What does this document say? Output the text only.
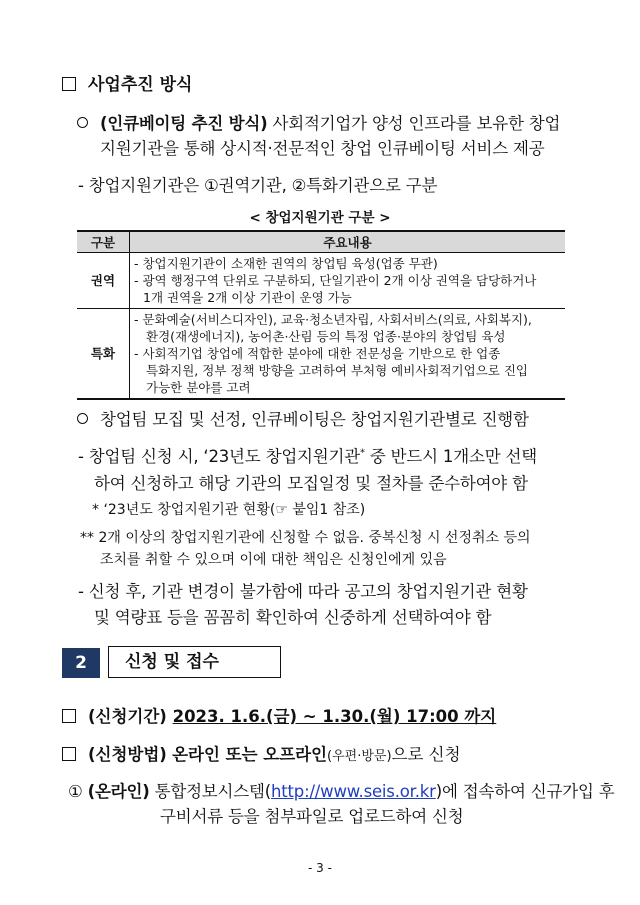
사업추진 방식
(인큐베이팅 추진 방식) 사회적기업가 양성 인프라를 보유한 창업
지원기관을 통해 상시적·전문적인 창업 인큐베이팅 서비스 제공
- 창업지원기관은 ①권역기관, ②특화기관으로 구분
< 창업지원기관 구분 >
구분	주요내용
권역	- 창업지원기관이 소재한 권역의 창업팀 육성(업종 무관)
- 광역 행정구역 단위로 구분하되, 단일기관이 2개 이상 권역을 담당하거나
1개 권역을 2개 이상 기관이 운영 가능

특화	- 문화예술(서비스디자인), 교육·청소년자립, 사회서비스(의료, 사회복지),
환경(재생에너지), 농어촌·산림 등의 특정 업종·분야의 창업팀 육성
- 사회적기업 창업에 적합한 분야에 대한 전문성을 기반으로 한 업종
특화지원, 정부 정책 방향을 고려하여 부처형 예비사회적기업으로 진입
가능한 분야를 고려
창업팀 모집 및 선정, 인큐베이팅은 창업지원기관별로 진행함
- 창업팀 신청 시, ‘23년도 창업지원기관* 중 반드시 1개소만 선택
하여 신청하고 해당 기관의 모집일정 및 절차를 준수하여야 함
* ‘23년도 창업지원기관 현황(☞ 붙임1 참조)
** 2개 이상의 창업지원기관에 신청할 수 없음. 중복신청 시 선정취소 등의
조치를 취할 수 있으며 이에 대한 책임은 신청인에게 있음
- 신청 후, 기관 변경이 불가함에 따라 공고의 창업지원기관 현황
및 역량표 등을 꼼꼼히 확인하여 신중하게 선택하여야 함
2	신청 및 접수
(신청기간) 2023. 1.6.(금) ~ 1.30.(월) 17:00 까지
(신청방법) 온라인 또는 오프라인(우편·방문)으로 신청
① (온라인) 통합정보시스템(http://www.seis.or.kr)에 접속하여 신규가입 후
구비서류 등을 첨부파일로 업로드하여 신청
- 3 -
